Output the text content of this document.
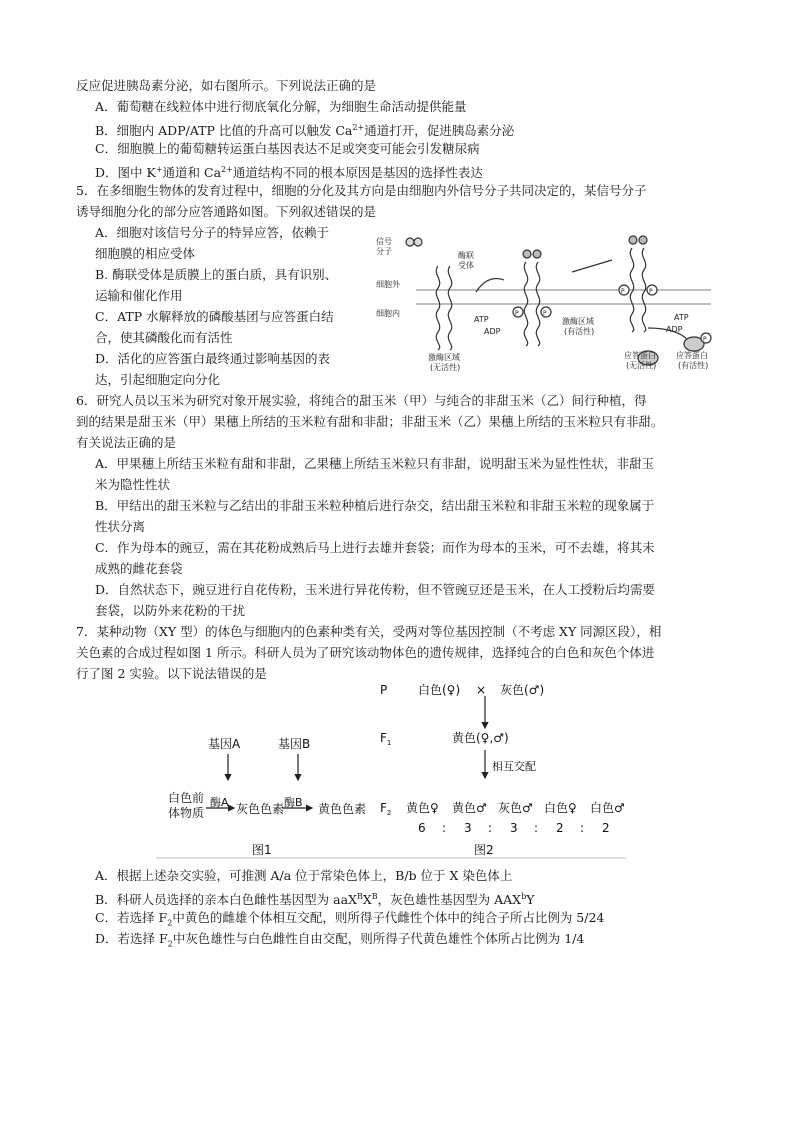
反应促进胰岛素分泌，如右图所示。下列说法正确的是
A．葡萄糖在线粒体中进行彻底氧化分解，为细胞生命活动提供能量
B．细胞内 ADP/ATP 比值的升高可以触发 $Ca^{2+}$通道打开，促进胰岛素分泌
C．细胞膜上的葡萄糖转运蛋白基因表达不足或突变可能会引发糖尿病
D．图中 K+通道和 $Ca^{2+}$通道结构不同的根本原因是基因的选择性表达
5．在多细胞生物体的发育过程中，细胞的分化及其方向是由细胞内外信号分子共同决定的，某信号分子
诱导细胞分化的部分应答通路如图。下列叙述错误的是
A．细胞对该信号分子的特异应答，依赖于
细胞膜的相应受体
B. 酶联受体是质膜上的蛋白质，具有识别、
运输和催化作用
C．ATP 水解释放的磷酸基团与应答蛋白结
合，使其磷酸化而有活性
D．活化的应答蛋白最终通过影响基因的表
达，引起细胞定向分化
信号
分子	酶联
受体
细胞外
细胞内
ATP
ADP
P	P
P	P
P
激酶区域
(无活性)
激酶区域
(有活性)
ATP
ADP
应答蛋白
(无活性)
应答蛋白
(有活性)
6．研究人员以玉米为研究对象开展实验，将纯合的甜玉米（甲）与纯合的非甜玉米（乙）间行种植，得
到的结果是甜玉米（甲）果穗上所结的玉米粒有甜和非甜；非甜玉米（乙）果穗上所结的玉米粒只有非甜。
有关说法正确的是
A．甲果穗上所结玉米粒有甜和非甜，乙果穗上所结玉米粒只有非甜，说明甜玉米为显性性状，非甜玉
米为隐性性状
B．甲结出的甜玉米粒与乙结出的非甜玉米粒种植后进行杂交，结出甜玉米粒和非甜玉米粒的现象属于
性状分离
C．作为母本的豌豆，需在其花粉成熟后马上进行去雄并套袋；而作为母本的玉米，可不去雄，将其未
成熟的雌花套袋
D．自然状态下，豌豆进行自花传粉，玉米进行异花传粉，但不管豌豆还是玉米，在人工授粉后均需要
套袋，以防外来花粉的干扰
7．某种动物（XY 型）的体色与细胞内的色素种类有关，受两对等位基因控制（不考虑 XY 同源区段），相
关色素的合成过程如图 1 所示。科研人员为了研究该动物体色的遗传规律，选择纯合的白色和灰色个体进
行了图 2 实验。以下说法错误的是
基因A	基因B
酶A	酶B
白色前
体物质	灰色色素	黄色色素
图1
P	白色(♀) × 灰色(♂)
$F_1$	黄色(♀,♂)
相互交配
$F_2$ 黄色♀ 黄色♂ 灰色♂ 白色♀ 白色♂
6 : 3 : 3 : 2 : 2
图2
A．根据上述杂交实验，可推测 A/a 位于常染色体上，B/b 位于 X 染色体上
B．科研人员选择的亲本白色雌性基因型为 $aaX^BX^B$，灰色雄性基因型为 AAX$^b$Y
C．若选择 $F_2$中黄色的雌雄个体相互交配，则所得子代雌性个体中的纯合子所占比例为 5/24
D．若选择 $F_2$中灰色雄性与白色雌性自由交配，则所得子代黄色雄性个体所占比例为 1/4
